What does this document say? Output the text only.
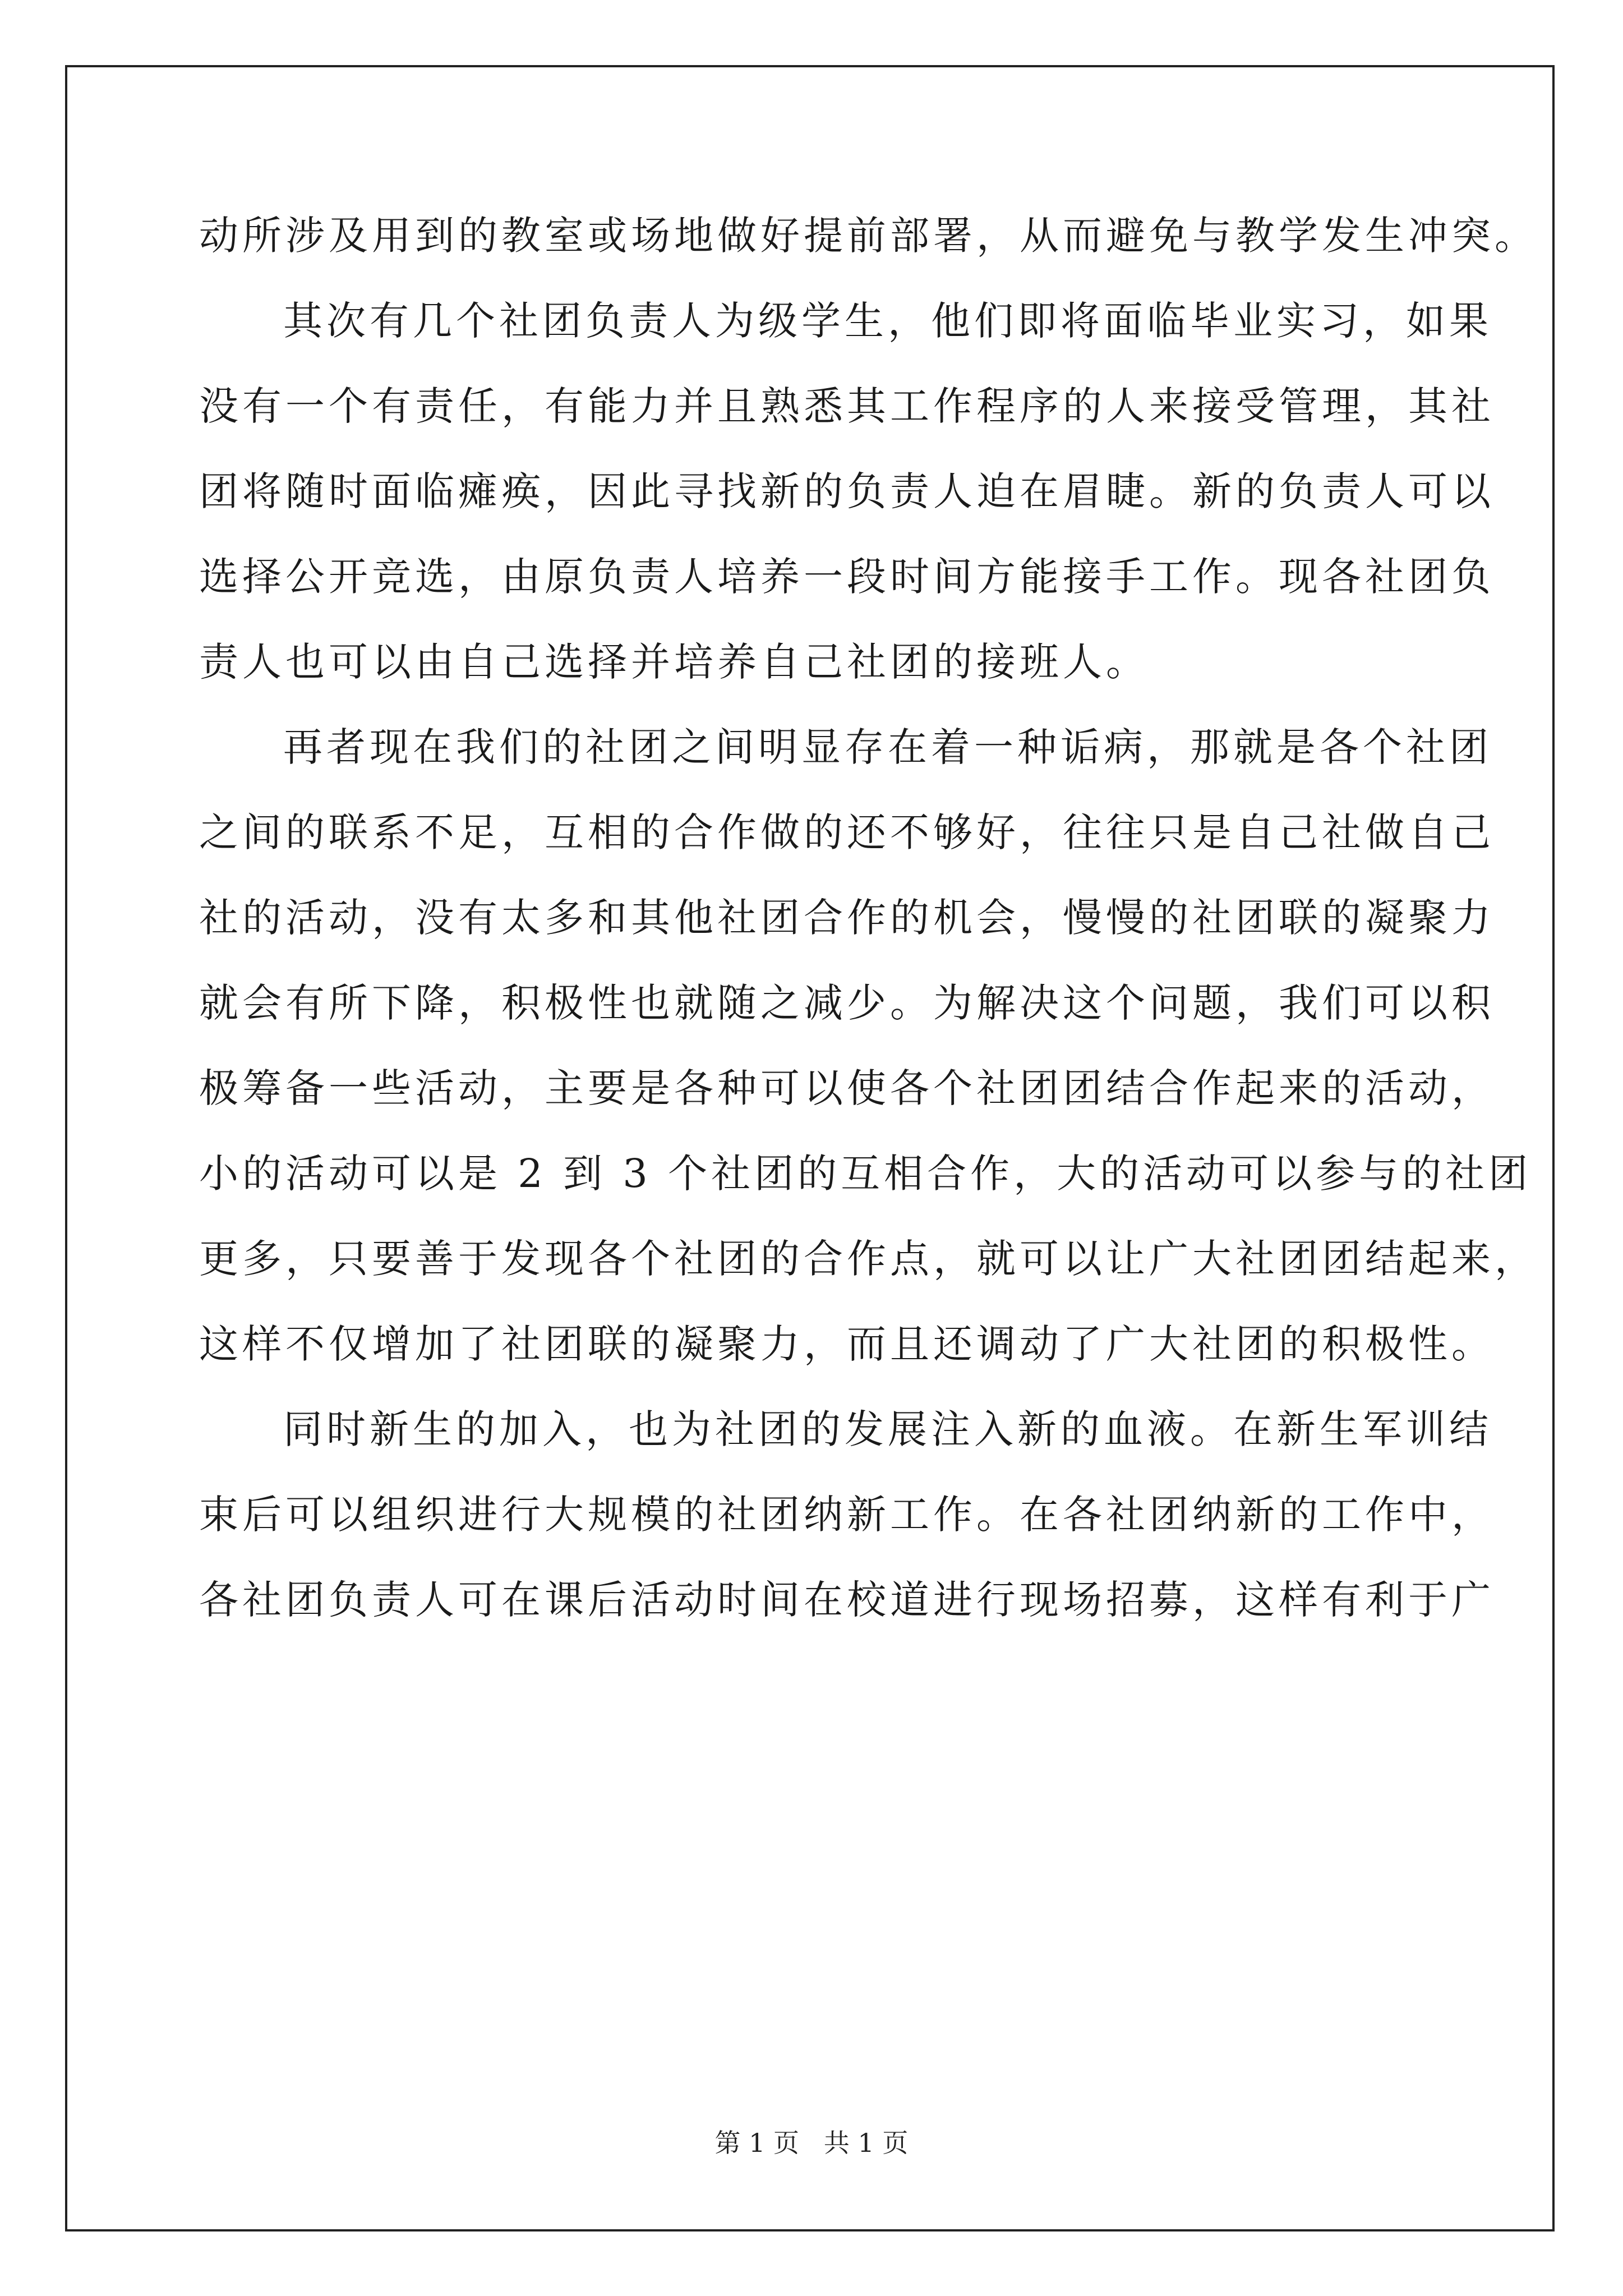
动所涉及用到的教室或场地做好提前部署，从而避免与教学发生冲突。
其次有几个社团负责人为级学生，他们即将面临毕业实习，如果
没有一个有责任，有能力并且熟悉其工作程序的人来接受管理，其社
团将随时面临瘫痪，因此寻找新的负责人迫在眉睫。新的负责人可以
选择公开竞选，由原负责人培养一段时间方能接手工作。现各社团负
责人也可以由自己选择并培养自己社团的接班人。
再者现在我们的社团之间明显存在着一种诟病，那就是各个社团
之间的联系不足，互相的合作做的还不够好，往往只是自己社做自己
社的活动，没有太多和其他社团合作的机会，慢慢的社团联的凝聚力
就会有所下降，积极性也就随之减少。为解决这个问题，我们可以积
极筹备一些活动，主要是各种可以使各个社团团结合作起来的活动，
小的活动可以是 2 到 3 个社团的互相合作，大的活动可以参与的社团
更多，只要善于发现各个社团的合作点，就可以让广大社团团结起来，
这样不仅增加了社团联的凝聚力，而且还调动了广大社团的积极性。
同时新生的加入，也为社团的发展注入新的血液。在新生军训结
束后可以组织进行大规模的社团纳新工作。在各社团纳新的工作中，
各社团负责人可在课后活动时间在校道进行现场招募，这样有利于广
第 1 页   共 1 页
